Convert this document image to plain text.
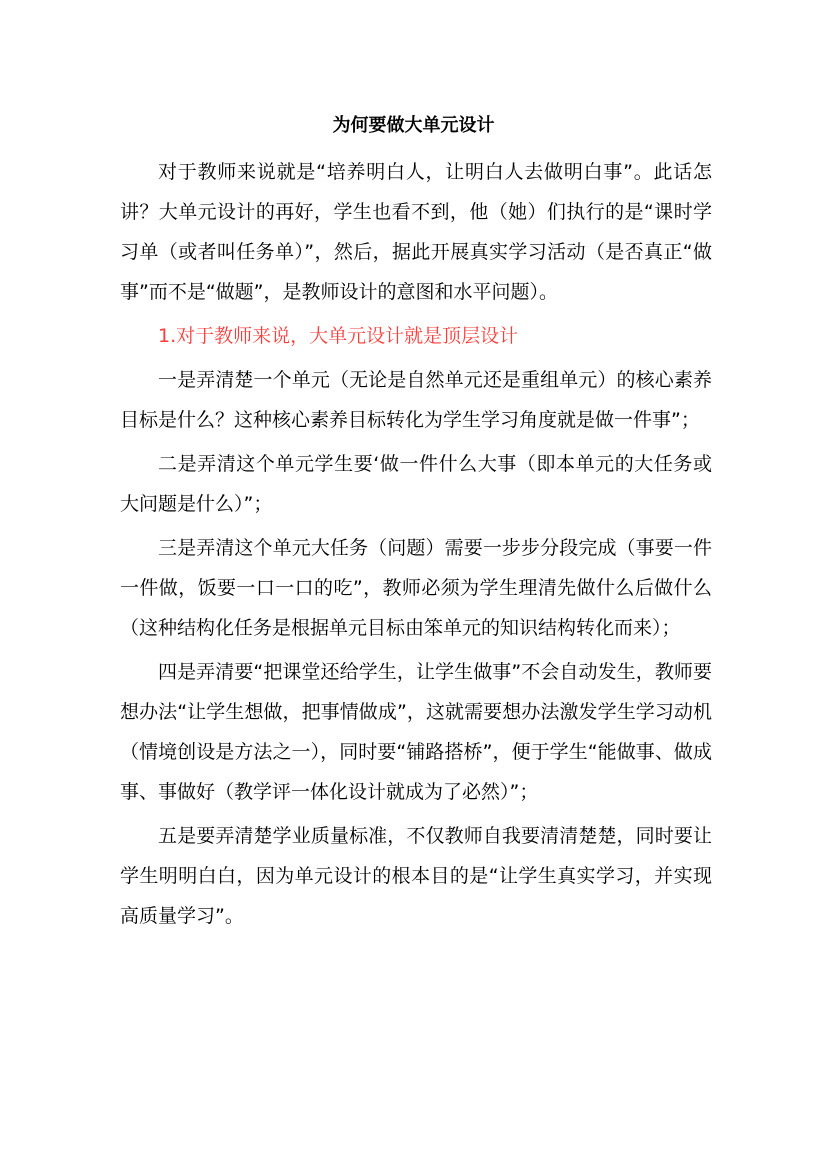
为何要做大单元设计

对于教师来说就是“培养明白人，让明白人去做明白事”。此话怎讲？大单元设计的再好，学生也看不到，他（她）们执行的是“课时学习单（或者叫任务单）”，然后，据此开展真实学习活动（是否真正“做事”而不是“做题”，是教师设计的意图和水平问题）。

1.对于教师来说，大单元设计就是顶层设计

一是弄清楚一个单元（无论是自然单元还是重组单元）的核心素养目标是什么？这种核心素养目标转化为学生学习角度就是做一件事”；

二是弄清这个单元学生要‘做一件什么大事（即本单元的大任务或大问题是什么）”；

三是弄清这个单元大任务（问题）需要一步步分段完成（事要一件一件做，饭要一口一口的吃”，教师必须为学生理清先做什么后做什么（这种结构化任务是根据单元目标由笨单元的知识结构转化而来）；

四是弄清要“把课堂还给学生，让学生做事”不会自动发生，教师要想办法“让学生想做，把事情做成”，这就需要想办法激发学生学习动机（情境创设是方法之一），同时要“铺路搭桥”，便于学生“能做事、做成事、事做好（教学评一体化设计就成为了必然）”；

五是要弄清楚学业质量标准，不仅教师自我要清清楚楚，同时要让学生明明白白，因为单元设计的根本目的是“让学生真实学习，并实现高质量学习”。
